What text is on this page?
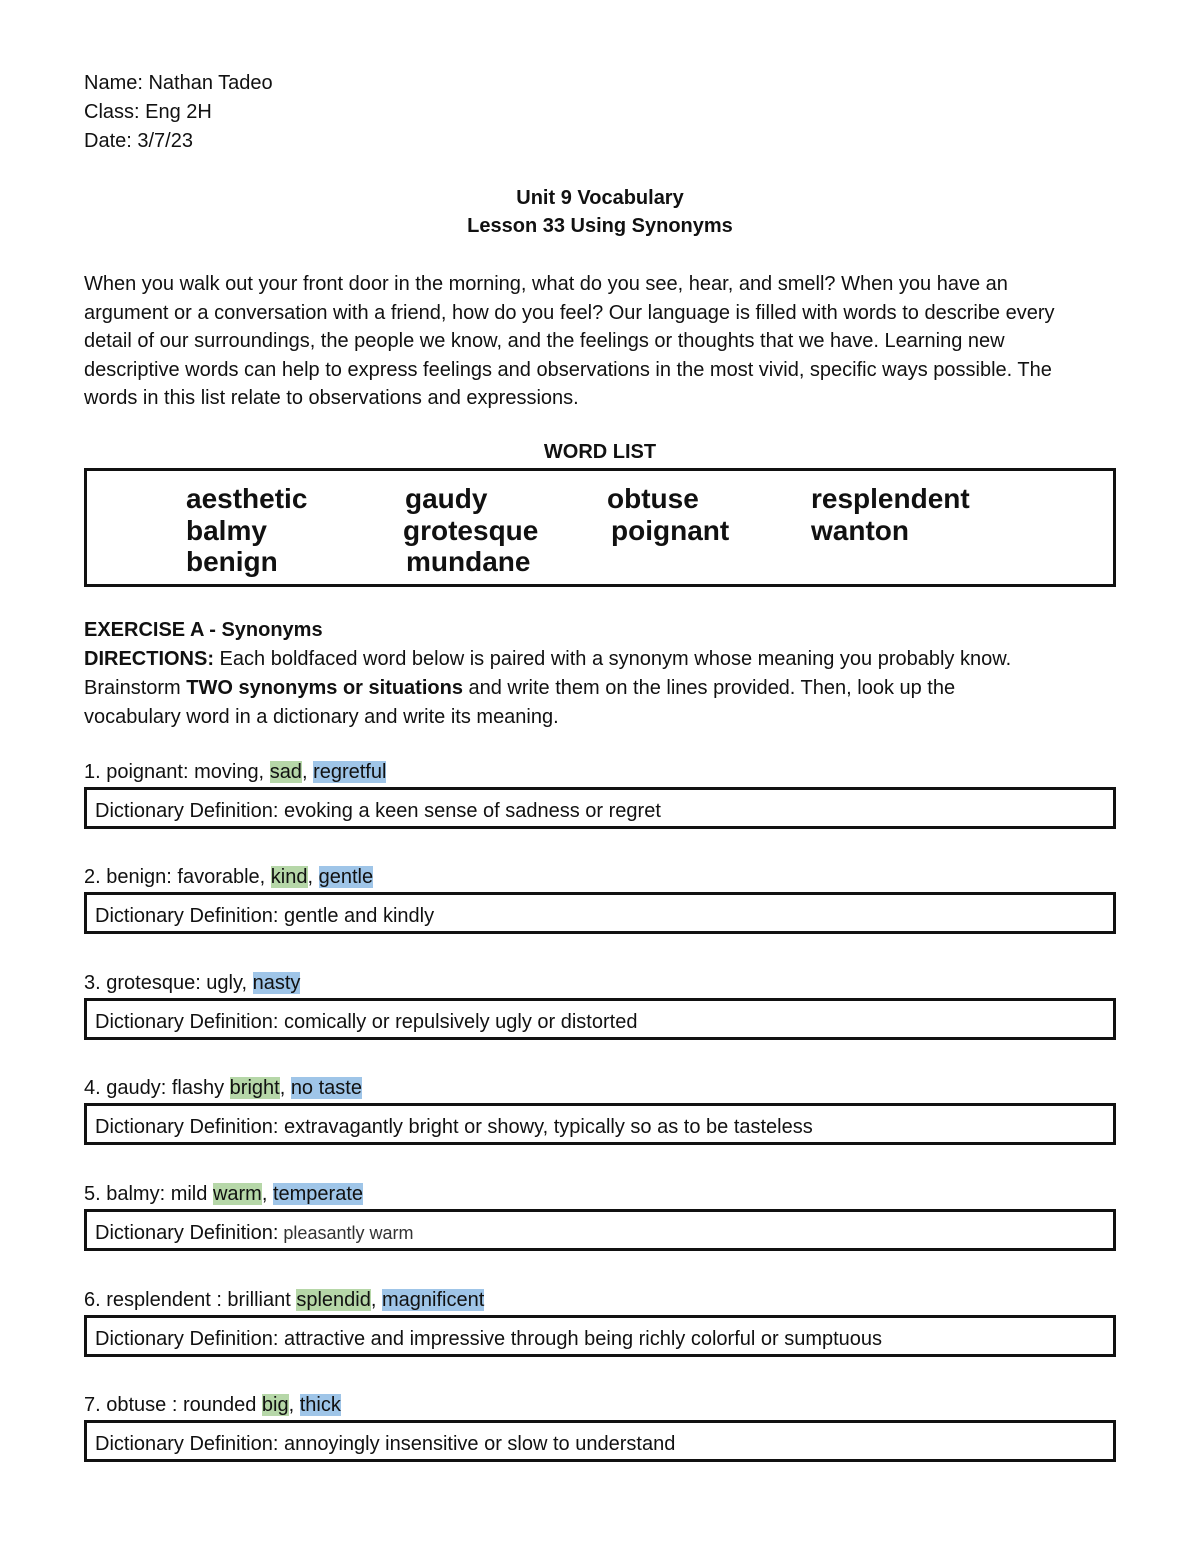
Name: Nathan Tadeo
Class: Eng 2H
Date: 3/7/23
Unit 9 Vocabulary
Lesson 33 Using Synonyms
When you walk out your front door in the morning, what do you see, hear, and smell? When you have an argument or a conversation with a friend, how do you feel? Our language is filled with words to describe every detail of our surroundings, the people we know, and the feelings or thoughts that we have. Learning new descriptive words can help to express feelings and observations in the most vivid, specific ways possible. The words in this list relate to observations and expressions.
WORD LIST
aesthetic
balmy
benign
gaudy
grotesque
mundane
obtuse
poignant
resplendent
wanton
EXERCISE A - Synonyms
DIRECTIONS: Each boldfaced word below is paired with a synonym whose meaning you probably know.
Brainstorm TWO synonyms or situations and write them on the lines provided. Then, look up the
vocabulary word in a dictionary and write its meaning.
1. poignant: moving, sad, regretful
Dictionary Definition: evoking a keen sense of sadness or regret
2. benign: favorable, kind, gentle
Dictionary Definition: gentle and kindly
3. grotesque: ugly, nasty
Dictionary Definition: comically or repulsively ugly or distorted
4. gaudy: flashy bright, no taste
Dictionary Definition: extravagantly bright or showy, typically so as to be tasteless
5. balmy: mild warm, temperate
Dictionary Definition: pleasantly warm
6. resplendent : brilliant splendid, magnificent
Dictionary Definition: attractive and impressive through being richly colorful or sumptuous
7. obtuse : rounded big, thick
Dictionary Definition: annoyingly insensitive or slow to understand
